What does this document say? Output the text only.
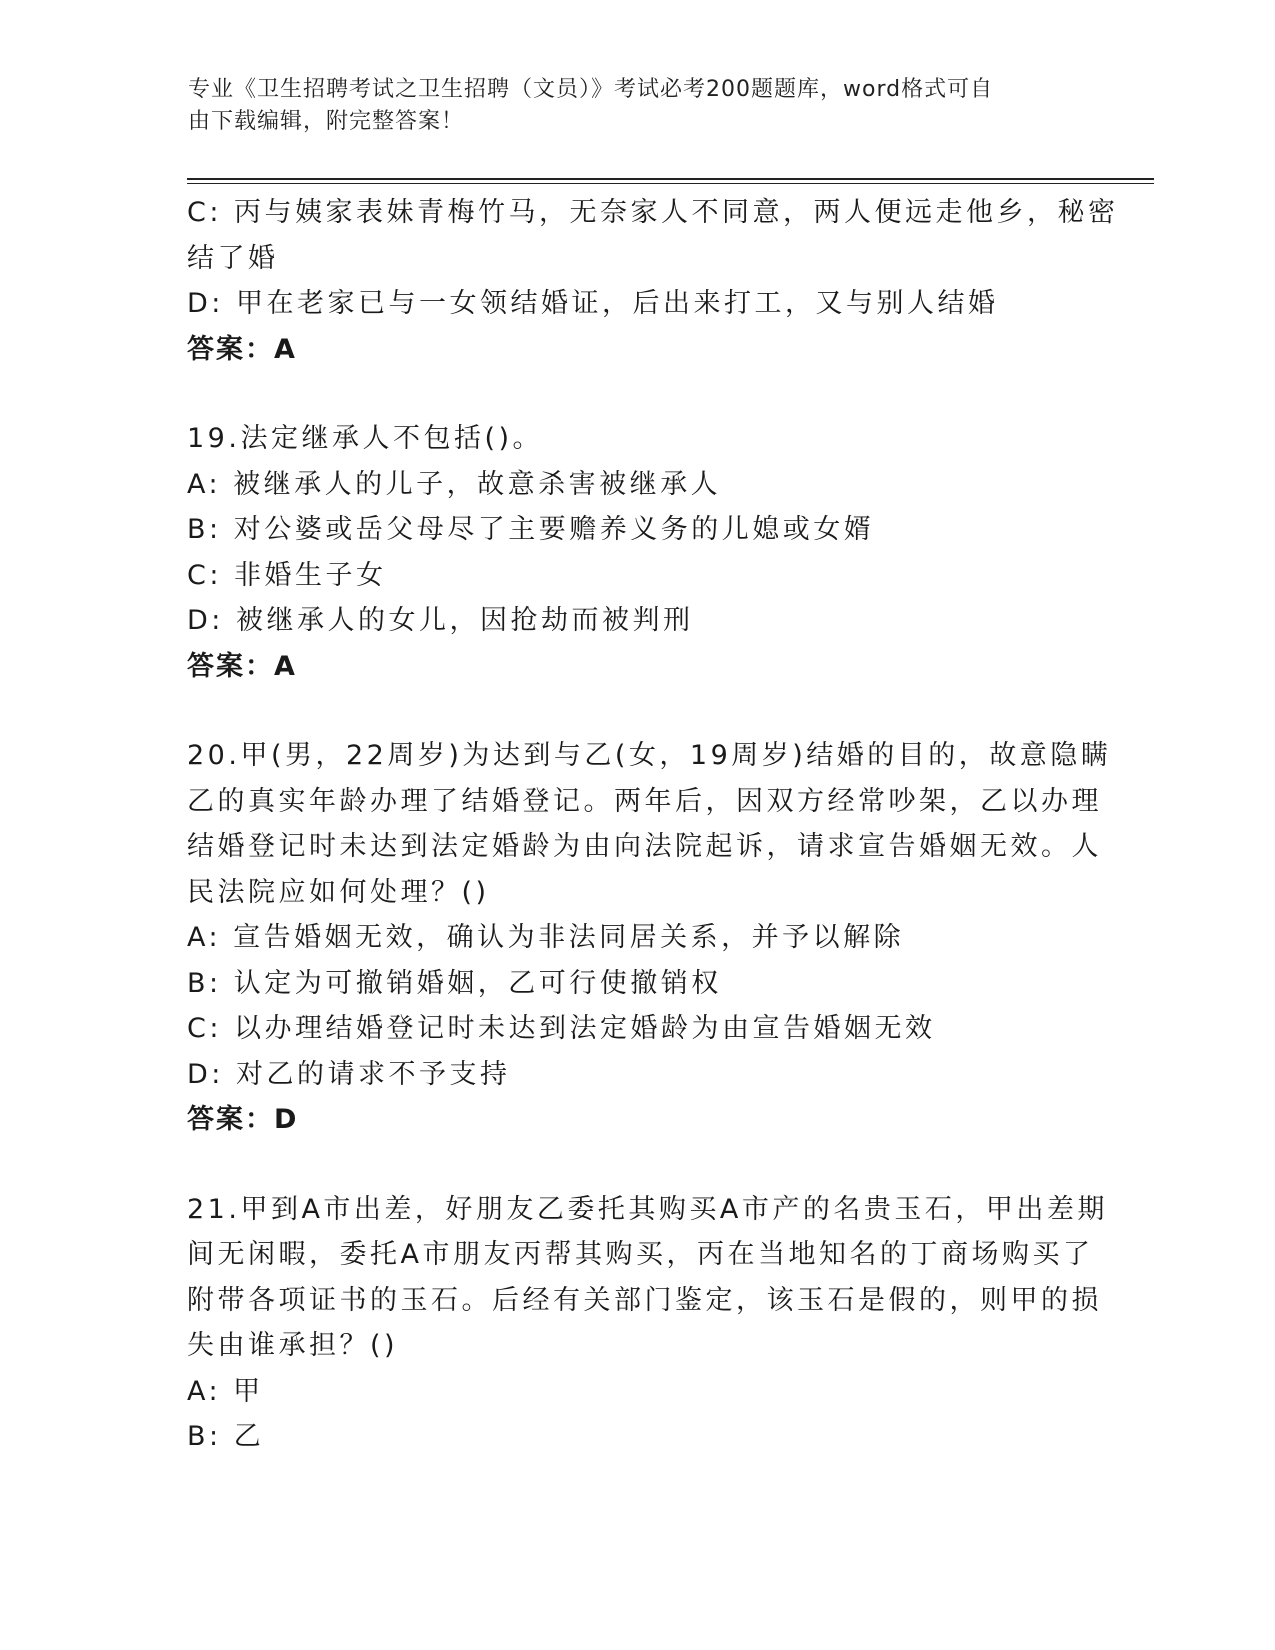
专业《卫生招聘考试之卫生招聘（文员）》考试必考200题题库，word格式可自
由下载编辑，附完整答案！
C: 丙与姨家表妹青梅竹马，无奈家人不同意，两人便远走他乡，秘密
结了婚
D: 甲在老家已与一女领结婚证，后出来打工，又与别人结婚
答案：A
19.法定继承人不包括()。
A: 被继承人的儿子，故意杀害被继承人
B: 对公婆或岳父母尽了主要赡养义务的儿媳或女婿
C: 非婚生子女
D: 被继承人的女儿，因抢劫而被判刑
答案：A
20.甲(男，22周岁)为达到与乙(女，19周岁)结婚的目的，故意隐瞒
乙的真实年龄办理了结婚登记。两年后，因双方经常吵架，乙以办理
结婚登记时未达到法定婚龄为由向法院起诉，请求宣告婚姻无效。人
民法院应如何处理？()
A: 宣告婚姻无效，确认为非法同居关系，并予以解除
B: 认定为可撤销婚姻，乙可行使撤销权
C: 以办理结婚登记时未达到法定婚龄为由宣告婚姻无效
D: 对乙的请求不予支持
答案：D
21.甲到A市出差，好朋友乙委托其购买A市产的名贵玉石，甲出差期
间无闲暇，委托A市朋友丙帮其购买，丙在当地知名的丁商场购买了
附带各项证书的玉石。后经有关部门鉴定，该玉石是假的，则甲的损
失由谁承担？()
A: 甲
B: 乙
